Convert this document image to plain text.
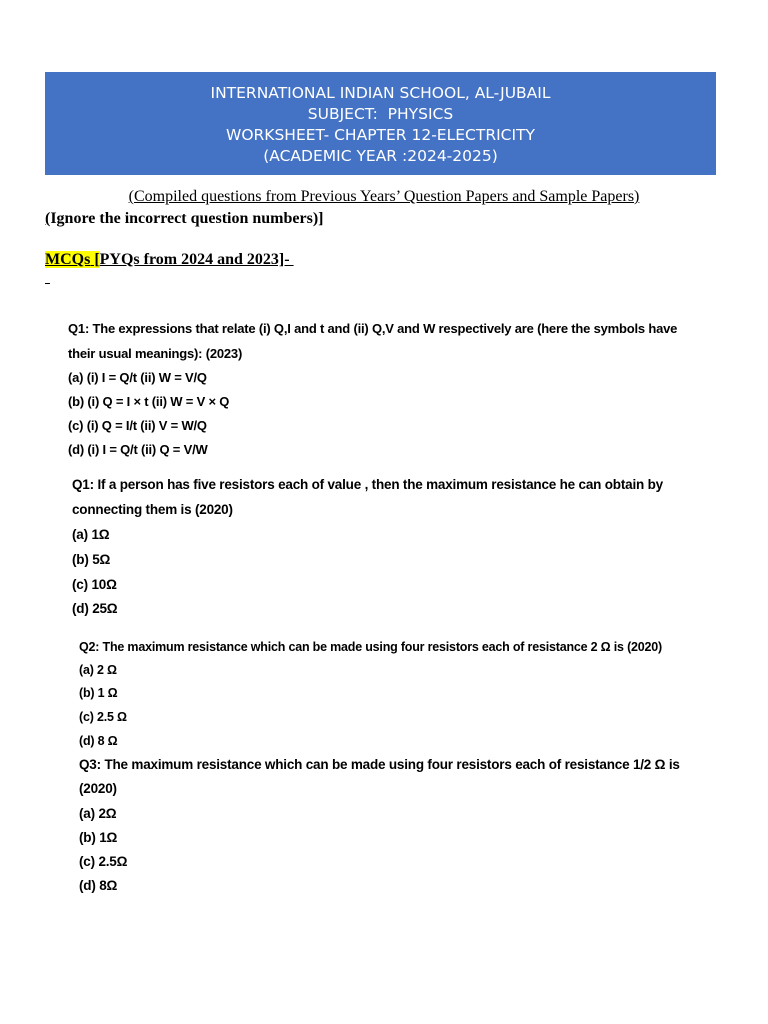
INTERNATIONAL INDIAN SCHOOL, AL-JUBAIL
SUBJECT:  PHYSICS
WORKSHEET- CHAPTER 12-ELECTRICITY
(ACADEMIC YEAR :2024-2025)
(Compiled questions from Previous Years’ Question Papers and Sample Papers)
(Ignore the incorrect question numbers)]
MCQs [PYQs from 2024 and 2023]-
Q1: The expressions that relate (i) Q,I and t and (ii) Q,V and W respectively are (here the symbols have
their usual meanings): (2023)
(a) (i) I = Q/t (ii) W = V/Q
(b) (i) Q = I × t (ii) W = V × Q
(c) (i) Q = I/t (ii) V = W/Q
(d) (i) I = Q/t (ii) Q = V/W
Q1: If a person has five resistors each of value , then the maximum resistance he can obtain by
connecting them is (2020)
(a) 1Ω
(b) 5Ω
(c) 10Ω
(d) 25Ω
Q2: The maximum resistance which can be made using four resistors each of resistance 2 Ω is (2020)
(a) 2 Ω
(b) 1 Ω
(c) 2.5 Ω
(d) 8 Ω
Q3: The maximum resistance which can be made using four resistors each of resistance 1/2 Ω is
(2020)
(a) 2Ω
(b) 1Ω
(c) 2.5Ω
(d) 8Ω
